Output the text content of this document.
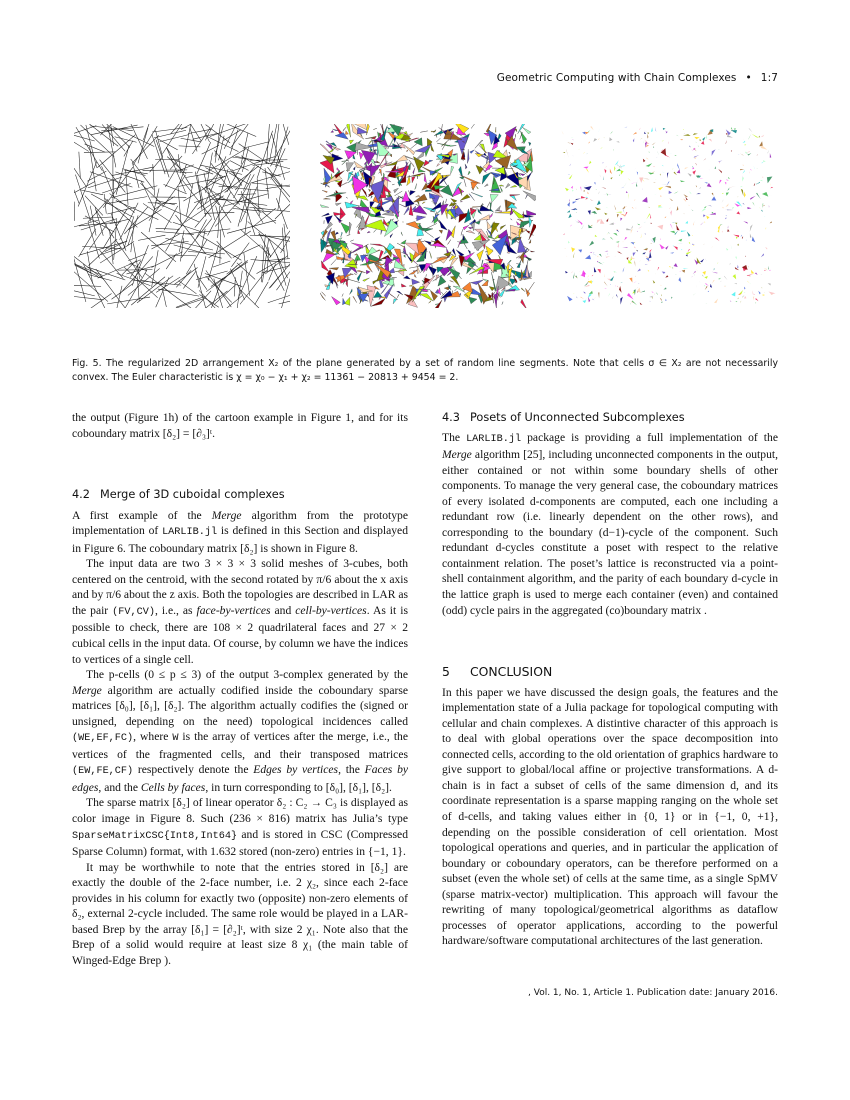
Geometric Computing with Chain Complexes • 1:7
Fig. 5. The regularized 2D arrangement X₂ of the plane generated by a set of random line segments. Note that cells σ ∈ X₂ are not necessarily convex. The Euler characteristic is χ = χ₀ − χ₁ + χ₂ = 11361 − 20813 + 9454 = 2.

the output (Figure 1h) of the cartoon example in Figure 1, and for its coboundary matrix [δ₂] = [∂₃]ᵗ.

4.2 Merge of 3D cuboidal complexes

A first example of the Merge algorithm from the prototype implementation of LARLIB.jl is defined in this Section and displayed in Figure 6. The coboundary matrix [δ₂] is shown in Figure 8.

The input data are two 3 × 3 × 3 solid meshes of 3-cubes, both centered on the centroid, with the second rotated by π/6 about the x axis and by π/6 about the z axis. Both the topologies are described in LAR as the pair (FV,CV), i.e., as face-by-vertices and cell-by-vertices. As it is possible to check, there are 108 × 2 quadrilateral faces and 27 × 2 cubical cells in the input data. Of course, by column we have the indices to vertices of a single cell.

The p-cells (0 ≤ p ≤ 3) of the output 3-complex generated by the Merge algorithm are actually codified inside the coboundary sparse matrices [δ₀], [δ₁], [δ₂]. The algorithm actually codifies the (signed or unsigned, depending on the need) topological incidences called (WE,EF,FC), where W is the array of vertices after the merge, i.e., the vertices of the fragmented cells, and their transposed matrices (EW,FE,CF) respectively denote the Edges by vertices, the Faces by edges, and the Cells by faces, in turn corresponding to [δ₀], [δ₁], [δ₂].

The sparse matrix [δ₂] of linear operator δ₂ : C₂ → C₃ is displayed as color image in Figure 8. Such (236 × 816) matrix has Julia’s type SparseMatrixCSC{Int8,Int64} and is stored in CSC (Compressed Sparse Column) format, with 1.632 stored (non-zero) entries in {−1, 1}.

It may be worthwhile to note that the entries stored in [δ₂] are exactly the double of the 2-face number, i.e. 2 χ₂, since each 2-face provides in his column for exactly two (opposite) non-zero elements of δ₂, external 2-cycle included. The same role would be played in a LAR-based Brep by the array [δ₁] = [∂₂]ᵗ, with size 2 χ₁. Note also that the Brep of a solid would require at least size 8 χ₁ (the main table of Winged-Edge Brep ).

4.3 Posets of Unconnected Subcomplexes

The LARLIB.jl package is providing a full implementation of the Merge algorithm [25], including unconnected components in the output, either contained or not within some boundary shells of other components. To manage the very general case, the coboundary matrices of every isolated d-components are computed, each one including a redundant row (i.e. linearly dependent on the other rows), and corresponding to the boundary (d−1)-cycle of the component. Such redundant d-cycles constitute a poset with respect to the relative containment relation. The poset’s lattice is reconstructed via a point-shell containment algorithm, and the parity of each boundary d-cycle in the lattice graph is used to merge each container (even) and contained (odd) cycle pairs in the aggregated (co)boundary matrix .

5 CONCLUSION

In this paper we have discussed the design goals, the features and the implementation state of a Julia package for topological computing with cellular and chain complexes. A distintive character of this approach is to deal with global operations over the space decomposition into connected cells, according to the old orientation of graphics hardware to give support to global/local affine or projective transformations. A d-chain is in fact a subset of cells of the same dimension d, and its coordinate representation is a sparse mapping ranging on the whole set of d-cells, and taking values either in {0, 1} or in {−1, 0, +1}, depending on the possible consideration of cell orientation. Most topological operations and queries, and in particular the application of boundary or coboundary operators, can be therefore performed on a subset (even the whole set) of cells at the same time, as a single SpMV (sparse matrix-vector) multiplication. This approach will favour the rewriting of many topological/geometrical algorithms as dataflow processes of operator applications, according to the powerful hardware/software computational architectures of the last generation.

, Vol. 1, No. 1, Article 1. Publication date: January 2016.
